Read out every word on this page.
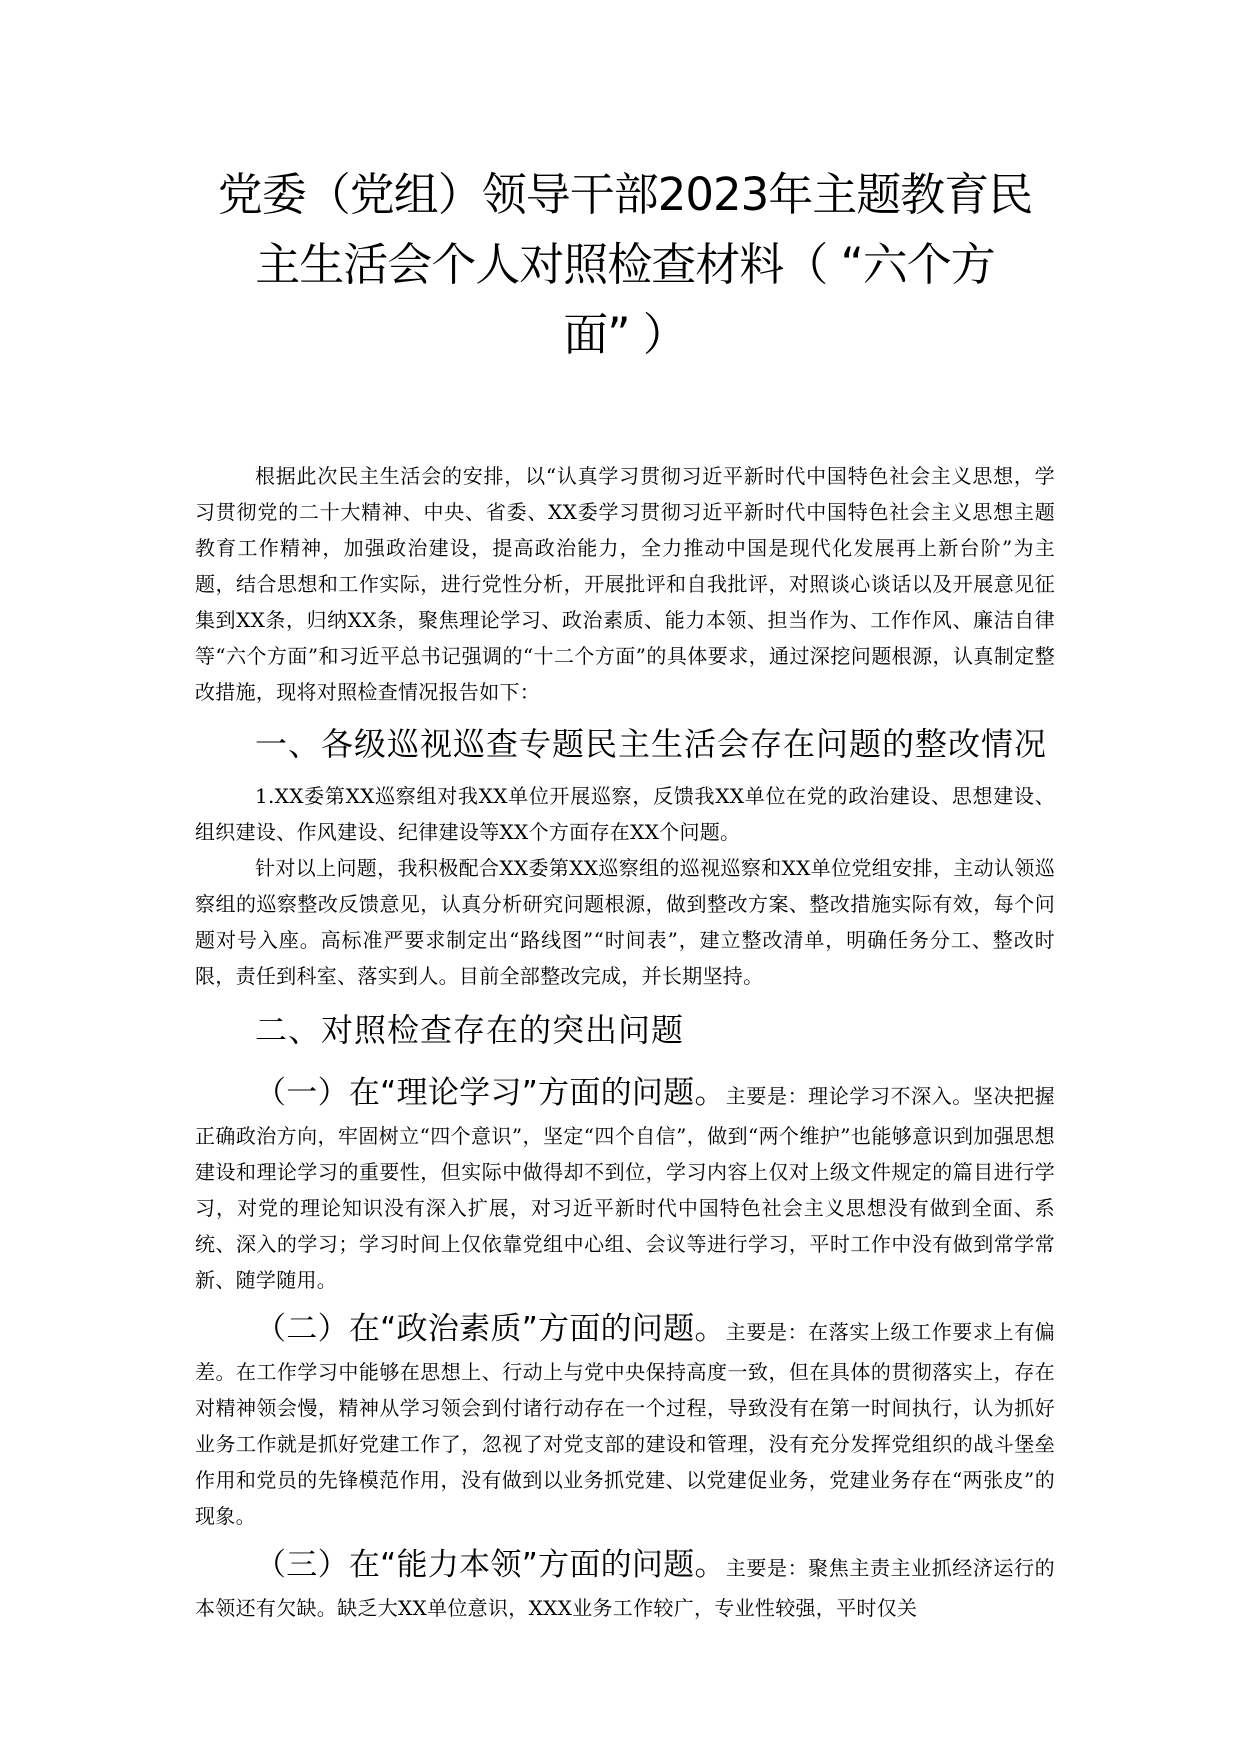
党委（党组）领导干部2023年主题教育民
主生活会个人对照检查材料（ “六个方
面” ）

根据此次民主生活会的安排，以“认真学习贯彻习近平新时代中国特色社会主义思想，学习贯彻党的二十大精神、中央、省委、XX委学习贯彻习近平新时代中国特色社会主义思想主题教育工作精神，加强政治建设，提高政治能力，全力推动中国是现代化发展再上新台阶”为主题，结合思想和工作实际，进行党性分析，开展批评和自我批评，对照谈心谈话以及开展意见征集到XX条，归纳XX条，聚焦理论学习、政治素质、能力本领、担当作为、工作作风、廉洁自律等“六个方面”和习近平总书记强调的“十二个方面”的具体要求，通过深挖问题根源，认真制定整改措施，现将对照检查情况报告如下：

一、各级巡视巡查专题民主生活会存在问题的整改情况

1.XX委第XX巡察组对我XX单位开展巡察，反馈我XX单位在党的政治建设、思想建设、组织建设、作风建设、纪律建设等XX个方面存在XX个问题。

针对以上问题，我积极配合XX委第XX巡察组的巡视巡察和XX单位党组安排，主动认领巡察组的巡察整改反馈意见，认真分析研究问题根源，做到整改方案、整改措施实际有效，每个问题对号入座。高标准严要求制定出“路线图”“时间表”，建立整改清单，明确任务分工、整改时限，责任到科室、落实到人。目前全部整改完成，并长期坚持。

二、对照检查存在的突出问题

（一）在“理论学习”方面的问题。主要是：理论学习不深入。坚决把握正确政治方向，牢固树立“四个意识”，坚定“四个自信”，做到“两个维护”也能够意识到加强思想建设和理论学习的重要性，但实际中做得却不到位，学习内容上仅对上级文件规定的篇目进行学习，对党的理论知识没有深入扩展，对习近平新时代中国特色社会主义思想没有做到全面、系统、深入的学习；学习时间上仅依靠党组中心组、会议等进行学习，平时工作中没有做到常学常新、随学随用。

（二）在“政治素质”方面的问题。主要是：在落实上级工作要求上有偏差。在工作学习中能够在思想上、行动上与党中央保持高度一致，但在具体的贯彻落实上，存在对精神领会慢，精神从学习领会到付诸行动存在一个过程，导致没有在第一时间执行，认为抓好业务工作就是抓好党建工作了，忽视了对党支部的建设和管理，没有充分发挥党组织的战斗堡垒作用和党员的先锋模范作用，没有做到以业务抓党建、以党建促业务，党建业务存在“两张皮”的现象。

（三）在“能力本领”方面的问题。主要是：聚焦主责主业抓经济运行的本领还有欠缺。缺乏大XX单位意识，XXX业务工作较广，专业性较强，平时仅关
